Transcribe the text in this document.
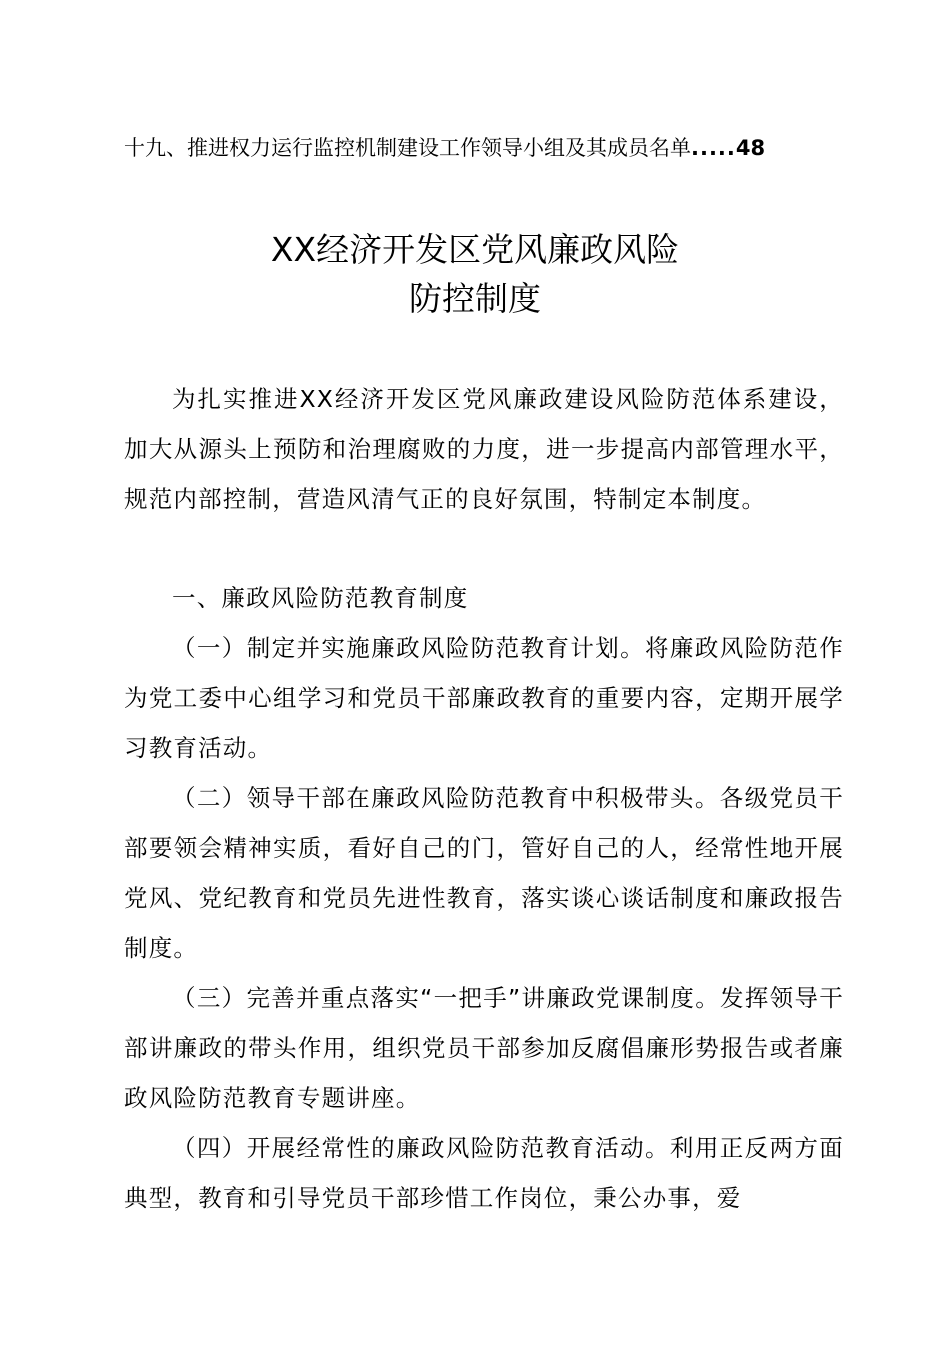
十九、推进权力运行监控机制建设工作领导小组及其成员名单.....48
XX经济开发区党风廉政风险
防控制度
为扎实推进XX经济开发区党风廉政建设风险防范体系建设，加大从源头上预防和治理腐败的力度，进一步提高内部管理水平，规范内部控制，营造风清气正的良好氛围，特制定本制度。
一、廉政风险防范教育制度
（一）制定并实施廉政风险防范教育计划。将廉政风险防范作为党工委中心组学习和党员干部廉政教育的重要内容，定期开展学习教育活动。
（二）领导干部在廉政风险防范教育中积极带头。各级党员干部要领会精神实质，看好自己的门，管好自己的人，经常性地开展党风、党纪教育和党员先进性教育，落实谈心谈话制度和廉政报告制度。
（三）完善并重点落实“一把手”讲廉政党课制度。发挥领导干部讲廉政的带头作用，组织党员干部参加反腐倡廉形势报告或者廉政风险防范教育专题讲座。
（四）开展经常性的廉政风险防范教育活动。利用正反两方面典型，教育和引导党员干部珍惜工作岗位，秉公办事，爱
